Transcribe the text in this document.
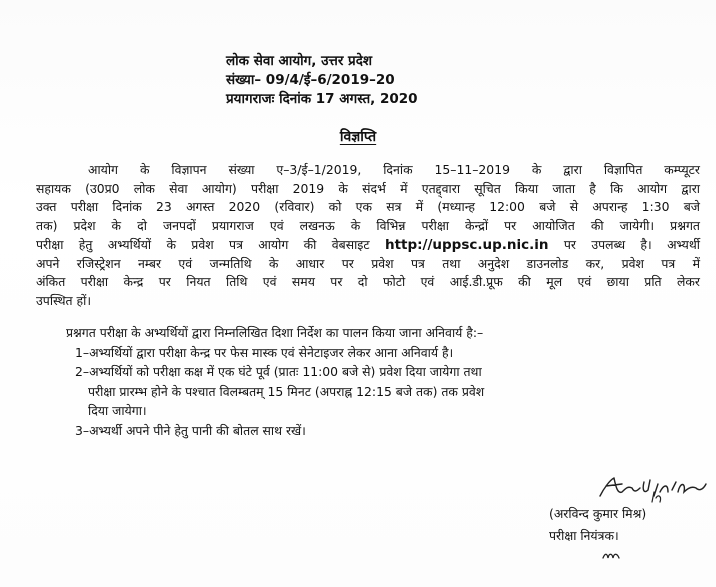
लोक सेवा आयोग, उत्तर प्रदेश
संख्या– 09/4/ई–6/2019–20
प्रयागराजः दिनांक 17 अगस्त, 2020
विज्ञप्ति
आयोग के विज्ञापन संख्या ए–3/ई–1/2019, दिनांक 15–11–2019 के द्वारा विज्ञापित कम्प्यूटर
सहायक (उ0प्र0 लोक सेवा आयोग) परीक्षा 2019 के संदर्भ में एतद्द्वारा सूचित किया जाता है कि आयोग द्वारा
उक्त परीक्षा दिनांक 23 अगस्त 2020 (रविवार) को एक सत्र में (मध्यान्ह 12:00 बजे से अपरान्ह 1:30 बजे
तक) प्रदेश के दो जनपदों प्रयागराज एवं लखनऊ के विभिन्न परीक्षा केन्द्रों पर आयोजित की जायेगी। प्रश्नगत
परीक्षा हेतु अभ्यर्थियों के प्रवेश पत्र आयोग की वेबसाइट http://uppsc.up.nic.in पर उपलब्ध है। अभ्यर्थी
अपने रजिस्ट्रेशन नम्बर एवं जन्मतिथि के आधार पर प्रवेश पत्र तथा अनुदेश डाउनलोड कर, प्रवेश पत्र में
अंकित परीक्षा केन्द्र पर नियत तिथि एवं समय पर दो फोटो एवं आई.डी.प्रूफ की मूल एवं छाया प्रति लेकर
उपस्थित हों।
प्रश्नगत परीक्षा के अभ्यर्थियों द्वारा निम्नलिखित दिशा निर्देश का पालन किया जाना अनिवार्य है:–
1–अभ्यर्थियों द्वारा परीक्षा केन्द्र पर फेस मास्क एवं सेनेटाइजर लेकर आना अनिवार्य है।
2–अभ्यर्थियों को परीक्षा कक्ष में एक घंटे पूर्व (प्रातः 11:00 बजे से) प्रवेश दिया जायेगा तथा
परीक्षा प्रारम्भ होने के पश्चात विलम्बतम् 15 मिनट (अपराह्न 12:15 बजे तक) तक प्रवेश
दिया जायेगा।
3–अभ्यर्थी अपने पीने हेतु पानी की बोतल साथ रखें।
(अरविन्द कुमार मिश्र)
परीक्षा नियंत्रक।
